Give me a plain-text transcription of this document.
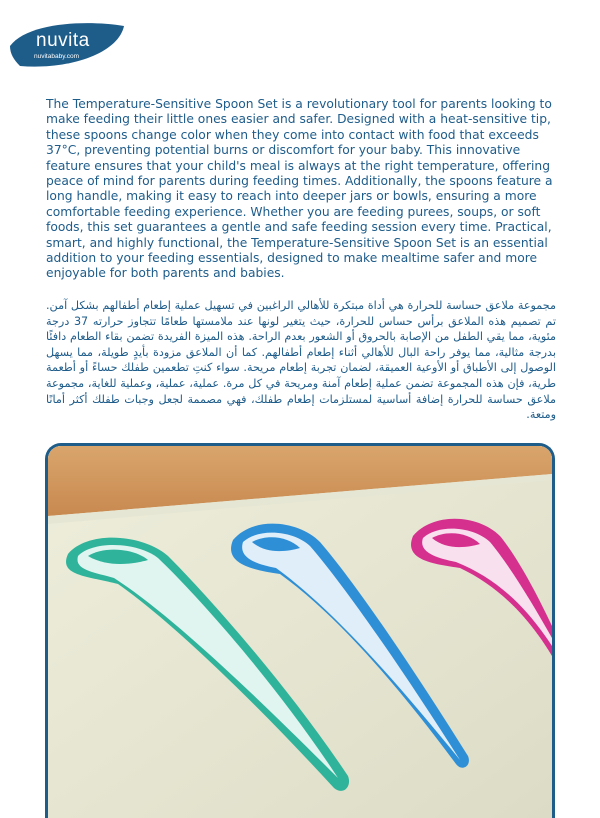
nuvita
nuvitababy.com

The Temperature-Sensitive Spoon Set is a revolutionary tool for parents looking to make feeding their little ones easier and safer. Designed with a heat-sensitive tip, these spoons change color when they come into contact with food that exceeds 37°C, preventing potential burns or discomfort for your baby. This innovative feature ensures that your child's meal is always at the right temperature, offering peace of mind for parents during feeding times. Additionally, the spoons feature a long handle, making it easy to reach into deeper jars or bowls, ensuring a more comfortable feeding experience. Whether you are feeding purees, soups, or soft foods, this set guarantees a gentle and safe feeding session every time. Practical, smart, and highly functional, the Temperature-Sensitive Spoon Set is an essential addition to your feeding essentials, designed to make mealtime safer and more enjoyable for both parents and babies.

مجموعة ملاعق حساسة للحرارة هي أداة مبتكرة للأهالي الراغبين في تسهيل عملية إطعام أطفالهم بشكل آمن. تم تصميم هذه الملاعق برأس حساس للحرارة، حيث يتغير لونها عند ملامستها طعامًا تتجاوز حرارته 37 درجة مئوية، مما يقي الطفل من الإصابة بالحروق أو الشعور بعدم الراحة. هذه الميزة الفريدة تضمن بقاء الطعام دافئًا بدرجة مثالية، مما يوفر راحة البال للأهالي أثناء إطعام أطفالهم. كما أن الملاعق مزودة بأيدٍ طويلة، مما يسهل الوصول إلى الأطباق أو الأوعية العميقة، لضمان تجربة إطعام مريحة. سواء كنتِ تطعمين طفلك حساءً أو أطعمة طرية، فإن هذه المجموعة تضمن عملية إطعام آمنة ومريحة في كل مرة. عملية، عملية، وعملية للغاية، مجموعة ملاعق حساسة للحرارة إضافة أساسية لمستلزمات إطعام طفلك، فهي مصممة لجعل وجبات طفلك أكثر أمانًا ومتعة.
